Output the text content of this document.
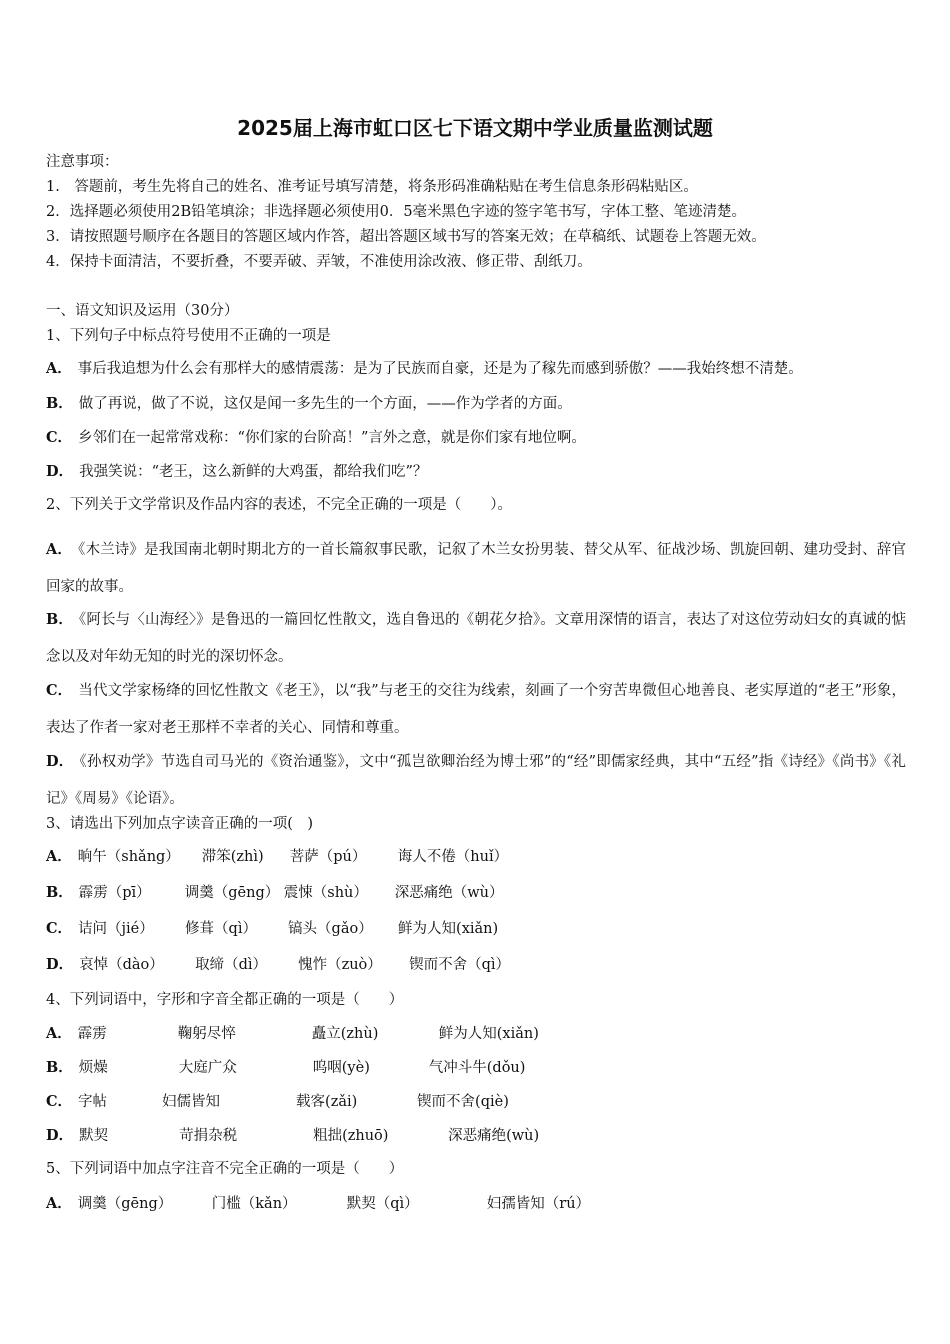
2025届上海市虹口区七下语文期中学业质量监测试题
注意事项：
1.　答题前，考生先将自己的姓名、准考证号填写清楚，将条形码准确粘贴在考生信息条形码粘贴区。
2．选择题必须使用2B铅笔填涂；非选择题必须使用0．5毫米黑色字迹的签字笔书写，字体工整、笔迹清楚。
3．请按照题号顺序在各题目的答题区域内作答，超出答题区域书写的答案无效；在草稿纸、试题卷上答题无效。
4．保持卡面清洁，不要折叠，不要弄破、弄皱，不准使用涂改液、修正带、刮纸刀。
一、语文知识及运用（30分）
1、下列句子中标点符号使用不正确的一项是
A． 事后我追想为什么会有那样大的感情震荡：是为了民族而自豪，还是为了稼先而感到骄傲？——我始终想不清楚。
B． 做了再说，做了不说，这仅是闻一多先生的一个方面，——作为学者的方面。
C． 乡邻们在一起常常戏称：“你们家的台阶高！”言外之意，就是你们家有地位啊。
D． 我强笑说：“老王，这么新鲜的大鸡蛋，都给我们吃”？
2、下列关于文学常识及作品内容的表述，不完全正确的一项是（　　）。
A． 《木兰诗》是我国南北朝时期北方的一首长篇叙事民歌，记叙了木兰女扮男装、替父从军、征战沙场、凯旋回朝、建功受封、辞官回家的故事。
B． 《阿长与〈山海经〉》是鲁迅的一篇回忆性散文，选自鲁迅的《朝花夕拾》。文章用深情的语言，表达了对这位劳动妇女的真诚的惦念以及对年幼无知的时光的深切怀念。
C． 当代文学家杨绛的回忆性散文《老王》，以“我”与老王的交往为线索，刻画了一个穷苦卑微但心地善良、老实厚道的“老王”形象，表达了作者一家对老王那样不幸者的关心、同情和尊重。
D． 《孙权劝学》节选自司马光的《资治通鉴》，文中“孤岂欲卿治经为博士邪”的“经”即儒家经典，其中“五经”指《诗经》《尚书》《礼记》《周易》《论语》。
3、请选出下列加点字读音正确的一项(　)
A． 晌午（shǎng） 滞笨(zhì) 菩萨（pú） 诲人不倦（huǐ）
B． 霹雳（pī） 调羹（gēng） 震悚（shù） 深恶痛绝（wù）
C． 诘问（jié） 修葺（qì） 镐头（gǎo） 鲜为人知(xiǎn)
D． 哀悼（dào） 取缔（dì） 愧怍（zuò） 锲而不舍（qì）
4、下列词语中，字形和字音全都正确的一项是（　　）
A． 霹雳	鞠躬尽悴	矗立(zhù)	鲜为人知(xiǎn)
B． 烦燥	大庭广众	呜咽(yè)	气冲斗牛(dǒu)
C． 字帖	妇儒皆知	载客(zǎi)	锲而不舍(qiè)
D． 默契	苛捐杂税	粗拙(zhuō)	深恶痛绝(wù)
5、下列词语中加点字注音不完全正确的一项是（　　）
A． 调羹（gēng）	门槛（kǎn）	默契（qì）	妇孺皆知（rú）
